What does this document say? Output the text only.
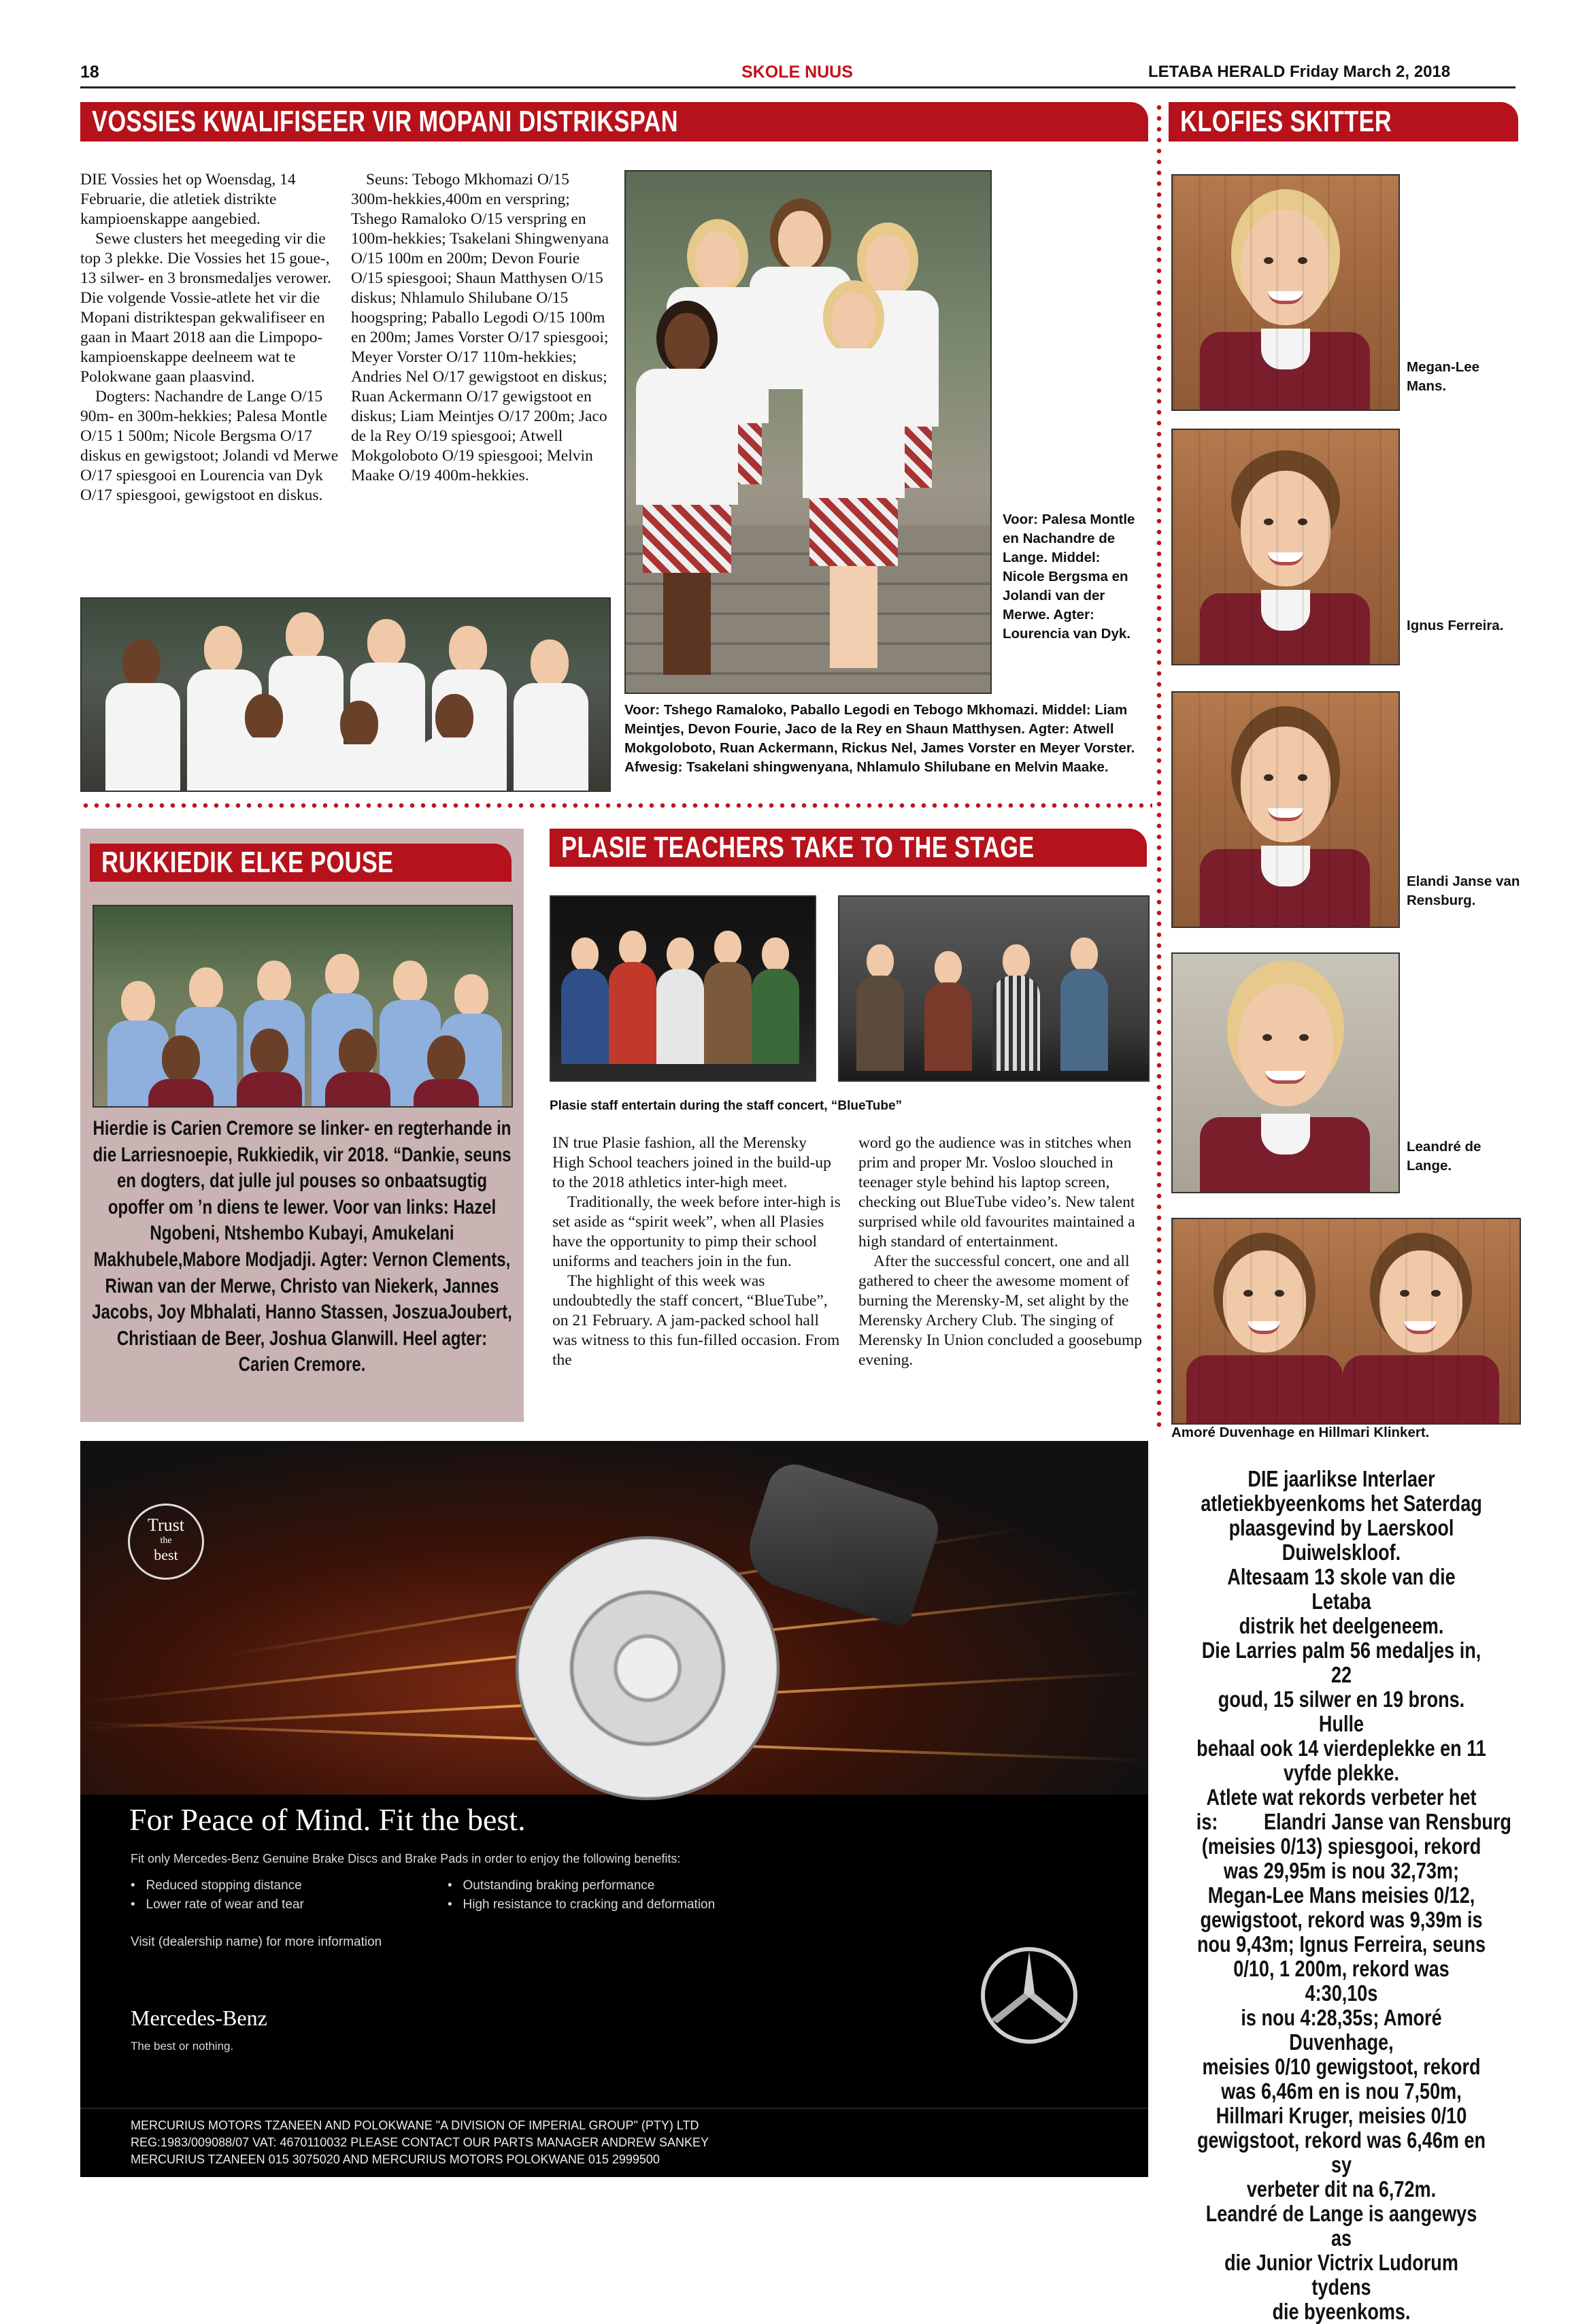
18	SKOLE NUUS	LETABA HERALD Friday March 2, 2018
VOSSIES KWALIFISEER VIR MOPANI DISTRIKSPAN

DIE Vossies het op Woensdag, 14 Februarie, die atletiek distrikte kampioenskappe aangebied.

Sewe clusters het meegeding vir die top 3 plekke. Die Vossies het 15 goue-, 13 silwer- en 3 bronsmedaljes verower. Die volgende Vossie-atlete het vir die Mopani distriktespan gekwalifiseer en gaan in Maart 2018 aan die Limpopo-kampioenskappe deelneem wat te Polokwane gaan plaasvind.

Dogters: Nachandre de Lange O/15 90m- en 300m-hekkies; Palesa Montle O/15 1 500m; Nicole Bergsma O/17 diskus en gewigstoot; Jolandi vd Merwe O/17 spiesgooi en Lourencia van Dyk O/17 spiesgooi, gewigstoot en diskus.

Seuns: Tebogo Mkhomazi O/15 300m-hekkies,400m en verspring; Tshego Ramaloko O/15 verspring en 100m-hekkies; Tsakelani Shingwenyana O/15 100m en 200m; Devon Fourie O/15 spiesgooi; Shaun Matthysen O/15 diskus; Nhlamulo Shilubane O/15 hoogspring; Paballo Legodi O/15 100m en 200m; James Vorster O/17 spiesgooi; Meyer Vorster O/17 110m-hekkies; Andries Nel O/17 gewigstoot en diskus; Ruan Ackermann O/17 gewigstoot en diskus; Liam Meintjes O/17 200m; Jaco de la Rey O/19 spiesgooi; Atwell Mokgoloboto O/19 spiesgooi; Melvin Maake O/19 400m-hekkies.

Voor: Palesa Montle en Nachandre de Lange. Middel: Nicole Bergsma en Jolandi van der Merwe. Agter: Lourencia van Dyk.
Voor: Tshego Ramaloko, Paballo Legodi en Tebogo Mkhomazi. Middel: Liam Meintjes, Devon Fourie, Jaco de la Rey en Shaun Matthysen. Agter: Atwell Mokgoloboto, Ruan Ackermann, Rickus Nel, James Vorster en Meyer Vorster. Afwesig: Tsakelani shingwenyana, Nhlamulo Shilubane en Melvin Maake.
KLOFIES SKITTER
Megan-Lee Mans.
Ignus Ferreira.
Elandi Janse van Rensburg.
Leandré de Lange.
Amoré Duvenhage en Hillmari Klinkert.
RUKKIEDIK ELKE POUSE
Hierdie is Carien Cremore se linker- en regterhande in die Larriesnoepie, Rukkiedik, vir 2018. “Dankie, seuns en dogters, dat julle jul pouses so onbaatsugtig opoffer om ’n diens te lewer. Voor van links: Hazel Ngobeni, Ntshembo Kubayi, Amukelani Makhubele,Mabore Modjadji. Agter: Vernon Clements, Riwan van der Merwe, Christo van Niekerk, Jannes Jacobs, Joy Mbhalati, Hanno Stassen, JoszuaJoubert, Christiaan de Beer, Joshua Glanwill. Heel agter: Carien Cremore.
PLASIE TEACHERS TAKE TO THE STAGE
Plasie staff entertain during the staff concert, “BlueTube”

IN true Plasie fashion, all the Merensky High School teachers joined in the build-up to the 2018 athletics inter-high meet.

Traditionally, the week before inter-high is set aside as “spirit week”, when all Plasies have the opportunity to pimp their school uniforms and teachers join in the fun.

The highlight of this week was undoubtedly the staff concert, “BlueTube”, on 21 February. A jam-packed school hall was witness to this fun-filled occasion. From the

word go the audience was in stitches when prim and proper Mr. Vosloo slouched in teenager style behind his laptop screen, checking out BlueTube video’s. New talent surprised while old favourites maintained a high standard of entertainment.

After the successful concert, one and all gathered to cheer the awesome moment of burning the Merensky-M, set alight by the Merensky Archery Club. The singing of Merensky In Union concluded a goosebump evening.

Trust
the
best
For Peace of Mind. Fit the best.
Fit only Mercedes-Benz Genuine Brake Discs and Brake Pads in order to enjoy the following benefits:
•   Reduced stopping distance
•   Lower rate of wear and tear
•   Outstanding braking performance
•   High resistance to cracking and deformation
Visit (dealership name) for more information
Mercedes-Benz
The best or nothing.
MERCURIUS MOTORS TZANEEN AND POLOKWANE "A DIVISION OF IMPERIAL GROUP" (PTY) LTD
REG:1983/009088/07 VAT: 4670110032 PLEASE CONTACT OUR PARTS MANAGER ANDREW SANKEY
MERCURIUS TZANEEN 015 3075020 AND MERCURIUS MOTORS POLOKWANE 015 2999500
DIE jaarlikse Interlaer
atletiekbyeenkoms het Saterdag
plaasgevind by Laerskool
Duiwelskloof.
Altesaam 13 skole van die Letaba
distrik het deelgeneem.
Die Larries palm 56 medaljes in, 22
goud, 15 silwer en 19 brons. Hulle
behaal ook 14 vierdeplekke en 11
vyfde plekke.
Atlete wat rekords verbeter het
is:         Elandri Janse van Rensburg
(meisies 0/13) spiesgooi, rekord
was 29,95m is nou 32,73m;
Megan-Lee Mans meisies 0/12,
gewigstoot, rekord was 9,39m is
nou 9,43m; Ignus Ferreira, seuns
0/10, 1 200m, rekord was 4:30,10s
is nou 4:28,35s; Amoré Duvenhage,
meisies 0/10 gewigstoot, rekord
was 6,46m en is nou 7,50m,
Hillmari Kruger, meisies 0/10
gewigstoot, rekord was 6,46m en sy
verbeter dit na 6,72m.
Leandré de Lange is aangewys as
die Junior Victrix Ludorum tydens
die byeenkoms.
